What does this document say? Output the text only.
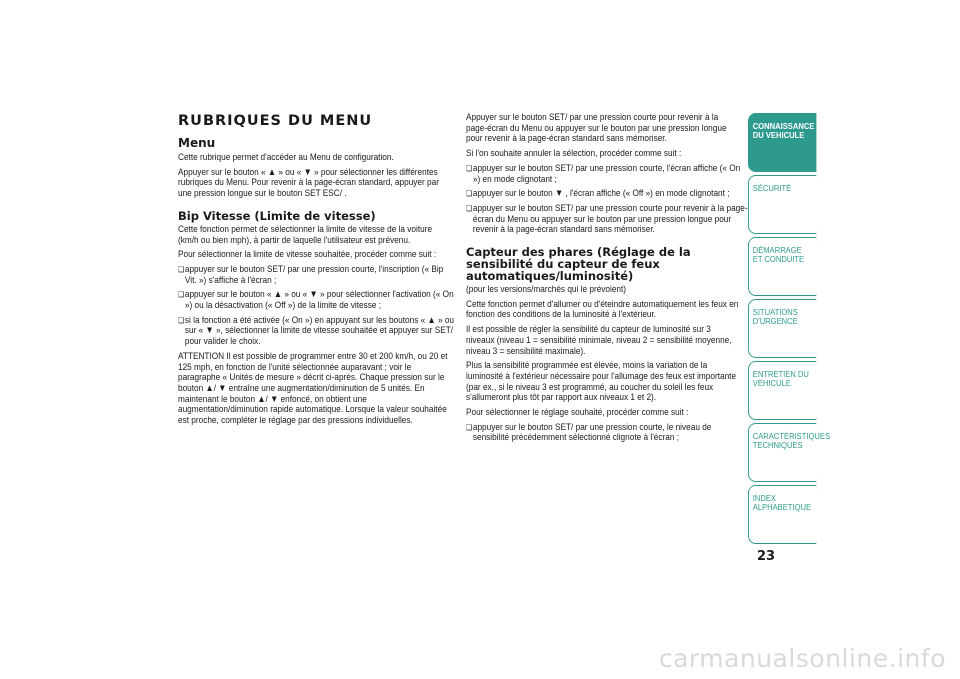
RUBRIQUES DU MENU
Menu

Cette rubrique permet d'accéder au Menu de configuration.

Appuyer sur le bouton « ▲ » ou « ▼ » pour sélectionner les différentes rubriques du Menu. Pour revenir à la page-écran standard, appuyer par une pression longue sur le bouton SET ESC/ .

Bip Vitesse (Limite de vitesse)

Cette fonction permet de sélectionner la limite de vitesse de la voiture (km/h ou bien mph), à partir de laquelle l'utilisateur est prévenu.

Pour sélectionner la limite de vitesse souhaitée, procéder comme suit :

❏ appuyer sur le bouton SET/ par une pression courte, l'inscription (« Bip Vit. ») s'affiche à l'écran ;

❏ appuyer sur le bouton « ▲ » ou « ▼ » pour sélectionner l'activation (« On ») ou la désactivation (« Off ») de la limite de vitesse ;

❏ si la fonction a été activée (« On ») en appuyant sur les boutons « ▲ » ou sur « ▼ », sélectionner la limite de vitesse souhaitée et appuyer sur SET/ pour valider le choix.

ATTENTION Il est possible de programmer entre 30 et 200 km/h, ou 20 et 125 mph, en fonction de l'unité sélectionnée auparavant ; voir le paragraphe « Unités de mesure » décrit ci-après. Chaque pression sur le bouton ▲/ ▼ entraîne une augmentation/diminution de 5 unités. En maintenant le bouton ▲/ ▼ enfoncé, on obtient une augmentation/diminution rapide automatique. Lorsque la valeur souhaitée est proche, compléter le réglage par des pressions individuelles.

Appuyer sur le bouton SET/ par une pression courte pour revenir à la page-écran du Menu ou appuyer sur le bouton par une pression longue pour revenir à la page-écran standard sans mémoriser.

Si l'on souhaite annuler la sélection, procéder comme suit :

❏ appuyer sur le bouton SET/ par une pression courte, l'écran affiche (« On ») en mode clignotant ;

❏ appuyer sur le bouton ▼ , l'écran affiche (« Off ») en mode clignotant ;

❏ appuyer sur le bouton SET/ par une pression courte pour revenir à la page-écran du Menu ou appuyer sur le bouton par une pression longue pour revenir à la page-écran standard sans mémoriser.

Capteur des phares (Réglage de la sensibilité du capteur de feux automatiques/luminosité)

(pour les versions/marchés qui le prévoient)

Cette fonction permet d'allumer ou d'éteindre automatiquement les feux en fonction des conditions de la luminosité à l'extérieur.

Il est possible de régler la sensibilité du capteur de luminosité sur 3 niveaux (niveau 1 = sensibilité minimale, niveau 2 = sensibilité moyenne, niveau 3 = sensibilité maximale).

Plus la sensibilité programmée est élevée, moins la variation de la luminosité à l'extérieur nécessaire pour l'allumage des feux est importante (par ex., si le niveau 3 est programmé, au coucher du soleil les feux s'allumeront plus tôt par rapport aux niveaux 1 et 2).

Pour sélectionner le réglage souhaité, procéder comme suit :

❏ appuyer sur le bouton SET/ par une pression courte, le niveau de sensibilité précédemment sélectionné clignote à l'écran ;

CONNAISSANCE DU VEHICULE
SÉCURITÉ
DÉMARRAGE ET CONDUITE
SITUATIONS D'URGENCE
ENTRETIEN DU VEHICULE
CARACTÉRISTIQUES TECHNIQUES
INDEX ALPHABETIQUE
23
carmanualsonline.info
